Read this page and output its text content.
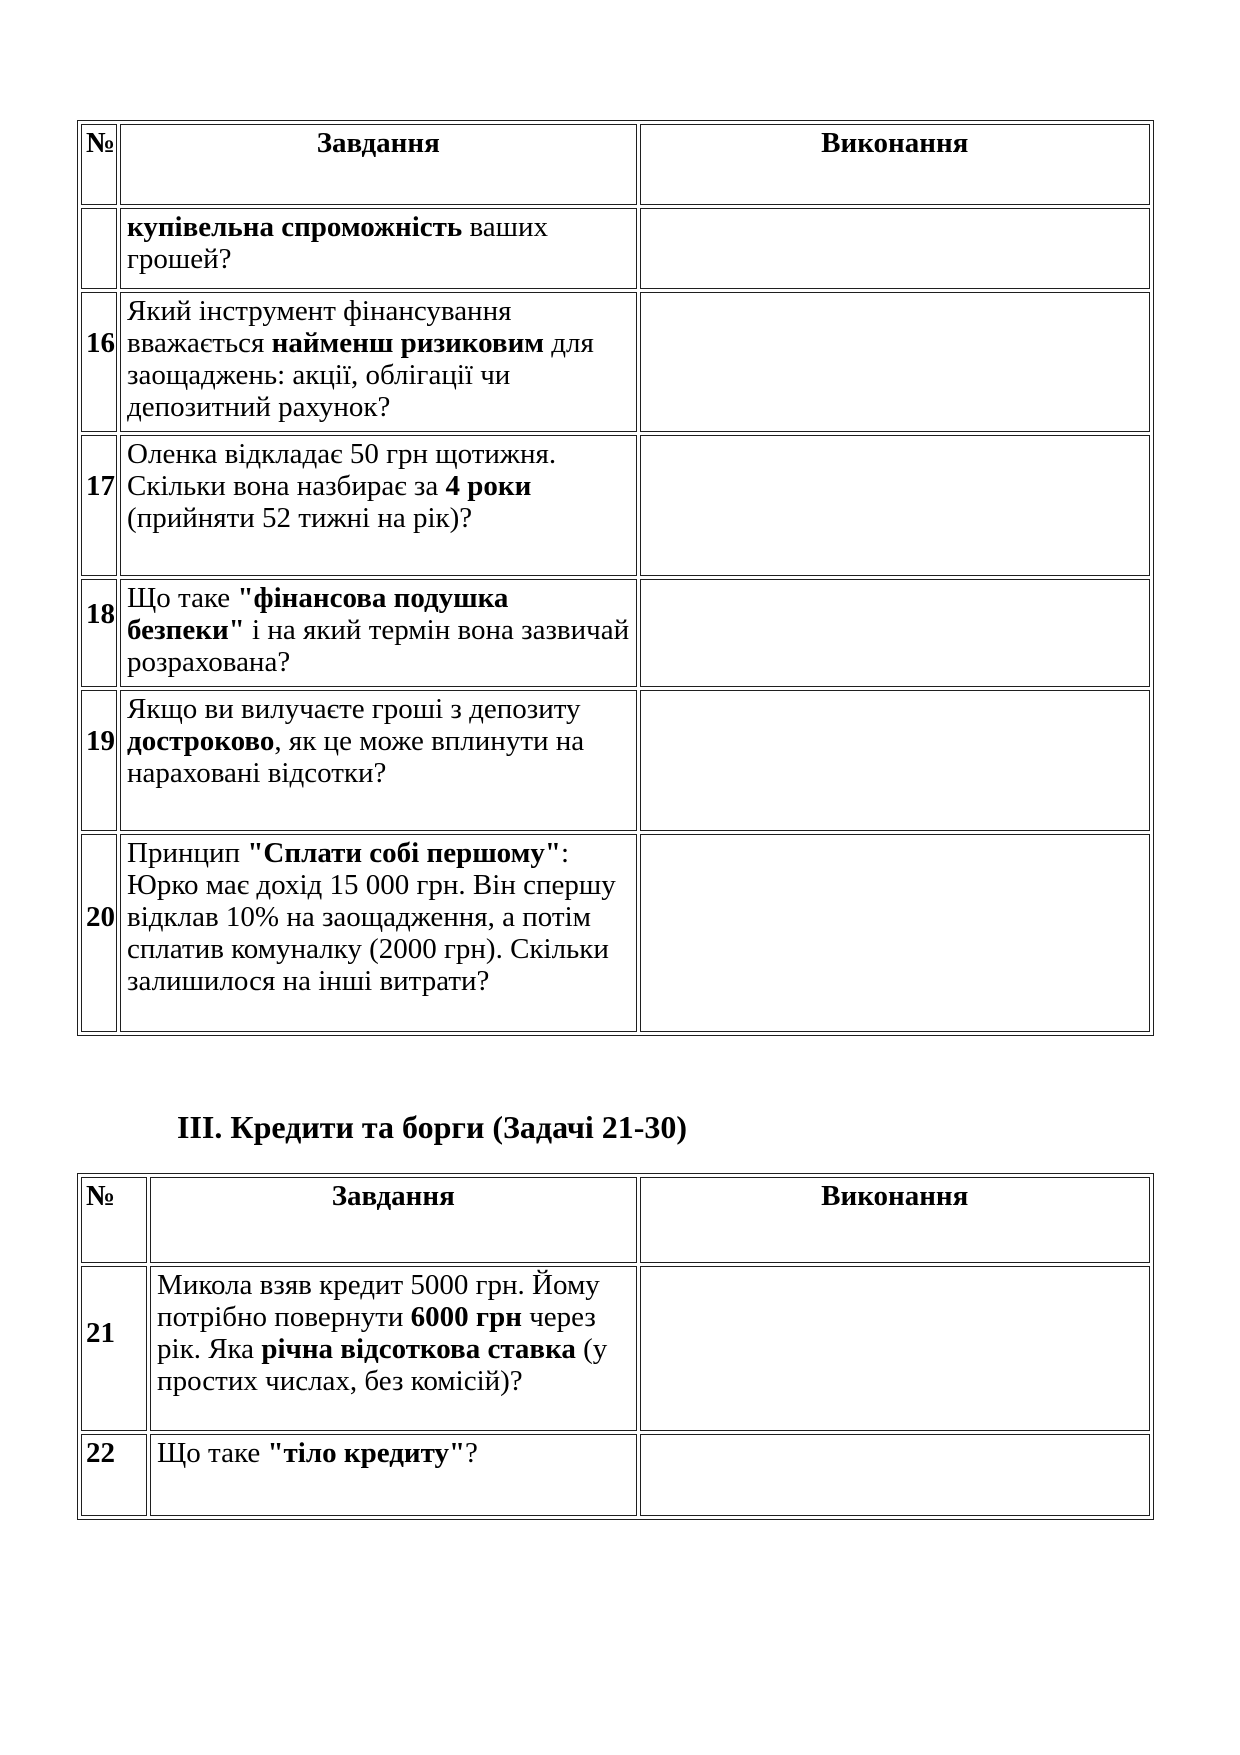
№	Завдання	Виконання

	купівельна спроможність ваших грошей?	

16	Який інструмент фінансування вважається найменш ризиковим для заощаджень: акції, облігації чи депозитний рахунок?	

17	Оленка відкладає 50 грн щотижня. Скільки вона назбирає за 4 роки (прийняти 52 тижні на рік)?	

18	Що таке "фінансова подушка безпеки" і на який термін вона зазвичай розрахована?	

19	Якщо ви вилучаєте гроші з депозиту достроково, як це може вплинути на нараховані відсотки?	

20	Принцип "Сплати собі першому": Юрко має дохід 15 000 грн. Він спершу відклав 10% на заощадження, а потім сплатив комуналку (2000 грн). Скільки залишилося на інші витрати?	
ІІІ. Кредити та борги (Задачі 21-30)
№	Завдання	Виконання

21	Микола взяв кредит 5000 грн. Йому потрібно повернути 6000 грн через рік. Яка річна відсоткова ставка (у простих числах, без комісій)?	

22	Що таке "тіло кредиту"?	
